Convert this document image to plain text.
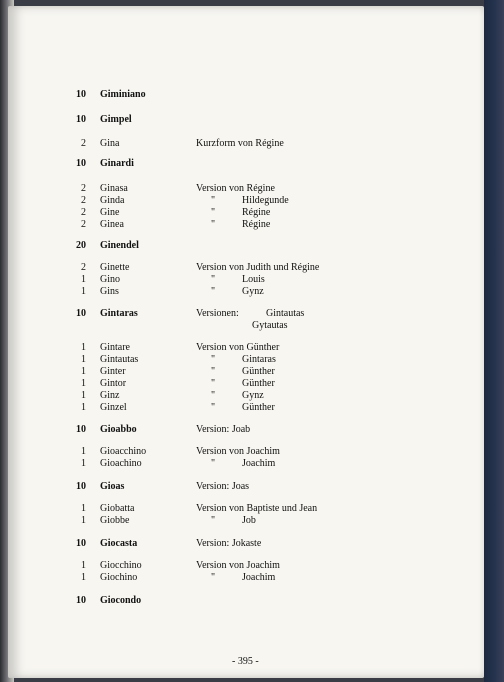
10 Giminiano
10 Gimpel
2 Gina	Kurzform von Régine
10 Ginardi
2 Ginasa	Version von Régine
2 Ginda	"	Hildegunde
2 Gine	"	Régine
2 Ginea	"	Régine
20 Ginendel
2 Ginette	Version von Judith und Régine
1 Gino	"	Louis
1 Gins	"	Gynz
10 Gintaras	Versionen:	Gintautas
Gytautas
1 Gintare	Version von Günther
1 Gintautas	"	Gintaras
1 Ginter	"	Günther
1 Gintor	"	Günther
1 Ginz	"	Gynz
1 Ginzel	"	Günther
10 Gioabbo	Version: Joab
1 Gioacchino	Version von Joachim
1 Gioachino	"	Joachim
10 Gioas	Version: Joas
1 Giobatta	Version von Baptiste und Jean
1 Giobbe	"	Job
10 Giocasta	Version: Jokaste
1 Giocchino	Version von Joachim
1 Giochino	"	Joachim
10 Giocondo
- 395 -
